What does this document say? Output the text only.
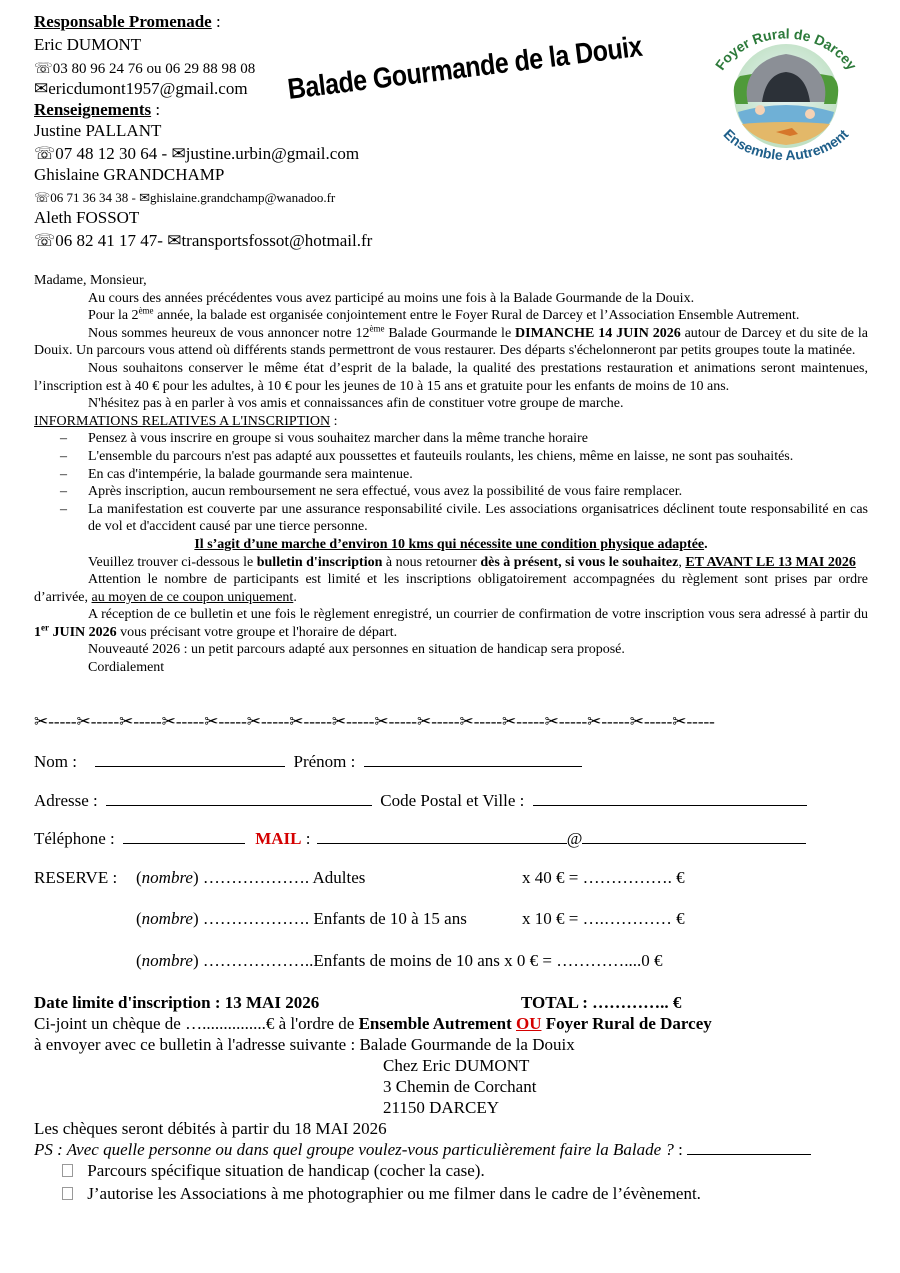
Responsable Promenade :
Eric DUMONT
☏03 80 96 24 76 ou 06 29 88 98 08
✉ericdumont1957@gmail.com
Renseignements :
Justine PALLANT
☏07 48 12 30 64 - ✉justine.urbin@gmail.com
Ghislaine GRANDCHAMP
☏06 71 36 34 38 - ✉ghislaine.grandchamp@wanadoo.fr
Aleth FOSSOT
☏06 82 41 17 47- ✉transportsfossot@hotmail.fr
Balade Gourmande de la Douix	Foyer Rural de Darcey
Ensemble Autrement

Madame, Monsieur,

Au cours des années précédentes vous avez participé au moins une fois à la Balade Gourmande de la Douix.

Pour la 2ème année, la balade est organisée conjointement entre le Foyer Rural de Darcey et l’Association Ensemble Autrement.

Nous sommes heureux de vous annoncer notre 12ème Balade Gourmande le DIMANCHE 14 JUIN 2026 autour de Darcey et du site de la Douix. Un parcours vous attend où différents stands permettront de vous restaurer. Des départs s'échelonneront par petits groupes toute la matinée.

Nous souhaitons conserver le même état d’esprit de la balade, la qualité des prestations restauration et animations seront maintenues, l’inscription est à 40 € pour les adultes, à 10 € pour les jeunes de 10 à 15 ans et gratuite pour les enfants de moins de 10 ans.

N'hésitez pas à en parler à vos amis et connaissances afin de constituer votre groupe de marche.

INFORMATIONS RELATIVES A L'INSCRIPTION :

– Pensez à vous inscrire en groupe si vous souhaitez marcher dans la même tranche horaire
– L'ensemble du parcours n'est pas adapté aux poussettes et fauteuils roulants, les chiens, même en laisse, ne sont pas souhaités.
– En cas d'intempérie, la balade gourmande sera maintenue.
– Après inscription, aucun remboursement ne sera effectué, vous avez la possibilité de vous faire remplacer.
– La manifestation est couverte par une assurance responsabilité civile. Les associations organisatrices déclinent toute responsabilité en cas de vol et d'accident causé par une tierce personne.

Il s’agit d’une marche d’environ 10 kms qui nécessite une condition physique adaptée.

Veuillez trouver ci-dessous le bulletin d'inscription à nous retourner dès à présent, si vous le souhaitez, ET AVANT LE 13 MAI 2026

Attention le nombre de participants est limité et les inscriptions obligatoirement accompagnées du règlement sont prises par ordre d’arrivée, au moyen de ce coupon uniquement.

A réception de ce bulletin et une fois le règlement enregistré, un courrier de confirmation de votre inscription vous sera adressé à partir du 1er JUIN 2026 vous précisant votre groupe et l'horaire de départ.

Nouveauté 2026 : un petit parcours adapté aux personnes en situation de handicap sera proposé.

Cordialement

✂-----✂-----✂-----✂-----✂-----✂-----✂-----✂-----✂-----✂-----✂-----✂-----✂-----✂-----✂-----✂-----
Nom :	Prénom :
Adresse :	Code Postal et Ville :
Téléphone :	MAIL :	@
RESERVE : (nombre) ………………. Adultes	x 40 € = ……………. €
(nombre) ………………. Enfants de 10 à 15 ans	x 10 € = ….………… €
(nombre) ………………..Enfants de moins de 10 ans x 0 € = …………....0 €
Date limite d'inscription : 13 MAI 2026	TOTAL : ………….. €
Ci-joint un chèque de …...............€ à l'ordre de Ensemble Autrement OU Foyer Rural de Darcey
à envoyer avec ce bulletin à l'adresse suivante : Balade Gourmande de la Douix
Chez Eric DUMONT
3 Chemin de Corchant
21150 DARCEY
Les chèques seront débités à partir du 18 MAI 2026
PS : Avec quelle personne ou dans quel groupe voulez-vous particulièrement faire la Balade ? :
Parcours spécifique situation de handicap (cocher la case).
J’autorise les Associations à me photographier ou me filmer dans le cadre de l’évènement.
